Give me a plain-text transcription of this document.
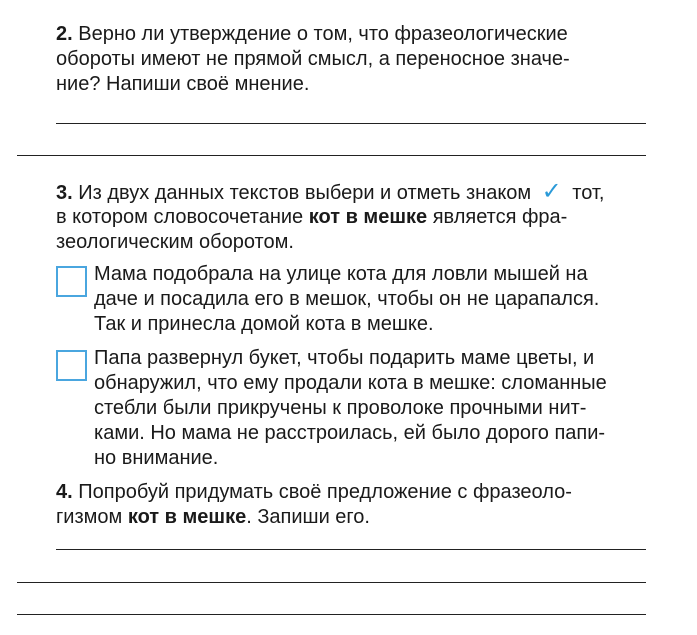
2. Верно ли утверждение о том, что фразеологические
обороты имеют не прямой смысл, а переносное значе-
ние? Напиши своё мнение.
3. Из двух данных текстов выбери и отметь знаком ✓ тот,
в котором словосочетание кот в мешке является фра-
зеологическим оборотом.
Мама подобрала на улице кота для ловли мышей на
даче и посадила его в мешок, чтобы он не царапался.
Так и принесла домой кота в мешке.
Папа развернул букет, чтобы подарить маме цветы, и
обнаружил, что ему продали кота в мешке: сломанные
стебли были прикручены к проволоке прочными нит-
ками. Но мама не расстроилась, ей было дорого папи-
но внимание.
4. Попробуй придумать своё предложение с фразеоло-
гизмом кот в мешке. Запиши его.
